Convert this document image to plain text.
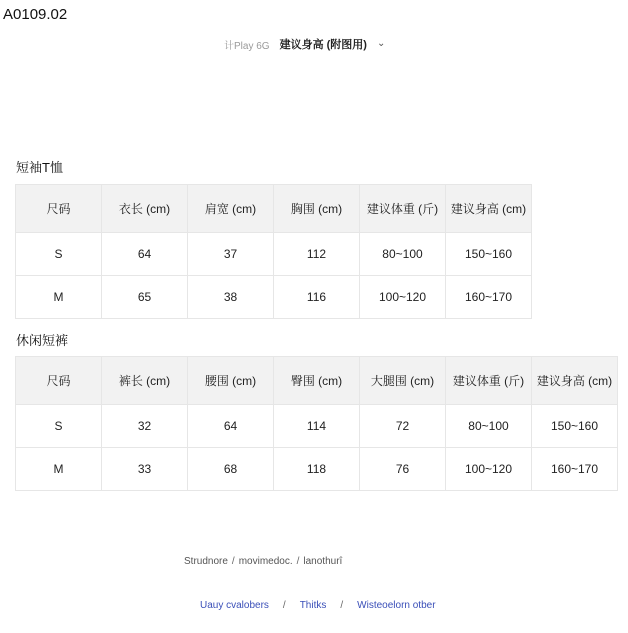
A0109.02
计Play 6G 建议身高 (附图用) ⌄
短袖T恤
尺码	衣长 (cm)	肩宽 (cm)	胸围 (cm)	建议体重 (斤)	建议身高 (cm)
S	64	37	112	80~100	150~160
M	65	38	116	100~120	160~170
休闲短裤
尺码	裤长 (cm)	腰围 (cm)	臀围 (cm)	大腿围 (cm)	建议体重 (斤)	建议身高 (cm)
S	32	64	114	72	80~100	150~160
M	33	68	118	76	100~120	160~170
Strudnore / movimedoc. / lanothurî
Uauy cvalobers / Thitks / Wisteoelorn otber
